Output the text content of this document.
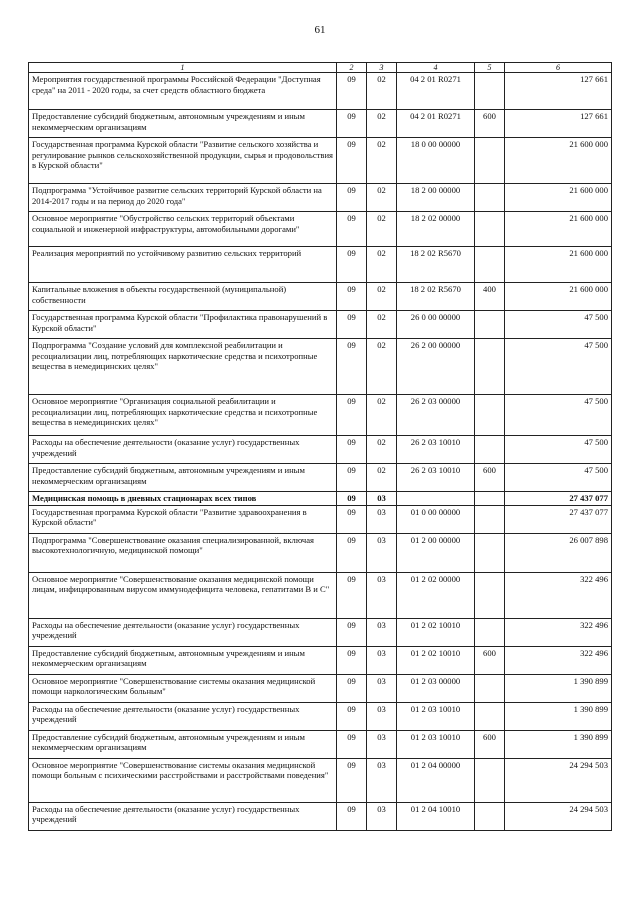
61
1	2	3	4	5	6
Мероприятия государственной программы Российской Федерации "Доступная среда" на 2011 - 2020 годы, за счет средств областного бюджета	09	02	04 2 01 R0271		127 661
Предоставление субсидий бюджетным, автономным учреждениям и иным некоммерческим организациям	09	02	04 2 01 R0271	600	127 661
Государственная программа Курской области "Развитие сельского хозяйства и регулирование рынков сельскохозяйственной продукции, сырья и продовольствия в Курской области"	09	02	18 0 00 00000		21 600 000
Подпрограмма "Устойчивое развитие сельских территорий Курской области на 2014-2017 годы и на период до 2020 года"	09	02	18 2 00 00000		21 600 000
Основное мероприятие "Обустройство сельских территорий объектами социальной и инженерной инфраструктуры, автомобильными дорогами"	09	02	18 2 02 00000		21 600 000
Реализация мероприятий по устойчивому развитию сельских территорий	09	02	18 2 02 R5670		21 600 000
Капитальные вложения в объекты государственной (муниципальной) собственности	09	02	18 2 02 R5670	400	21 600 000
Государственная программа Курской области "Профилактика правонарушений в Курской области"	09	02	26 0 00 00000		47 500
Подпрограмма "Создание условий для комплексной реабилитации и ресоциализации лиц, потребляющих наркотические средства и психотропные вещества в немедицинских целях"	09	02	26 2 00 00000		47 500
Основное мероприятие "Организация социальной реабилитации и ресоциализации лиц, потребляющих наркотические средства и психотропные вещества в немедицинских целях"	09	02	26 2 03 00000		47 500
Расходы на обеспечение деятельности (оказание услуг) государственных учреждений	09	02	26 2 03 10010		47 500
Предоставление субсидий бюджетным, автономным учреждениям и иным некоммерческим организациям	09	02	26 2 03 10010	600	47 500
Медицинская помощь в дневных стационарах всех типов	09	03			27 437 077
Государственная программа Курской области "Развитие здравоохранения в Курской области"	09	03	01 0 00 00000		27 437 077
Подпрограмма "Совершенствование оказания специализированной, включая высокотехнологичную, медицинской помощи"	09	03	01 2 00 00000		26 007 898
Основное мероприятие "Совершенствование оказания медицинской помощи лицам, инфицированным вирусом иммунодефицита человека, гепатитами В и С"	09	03	01 2 02 00000		322 496
Расходы на обеспечение деятельности (оказание услуг) государственных учреждений	09	03	01 2 02 10010		322 496
Предоставление субсидий бюджетным, автономным учреждениям и иным некоммерческим организациям	09	03	01 2 02 10010	600	322 496
Основное мероприятие "Совершенствование системы оказания медицинской помощи наркологическим больным"	09	03	01 2 03 00000		1 390 899
Расходы на обеспечение деятельности (оказание услуг) государственных учреждений	09	03	01 2 03 10010		1 390 899
Предоставление субсидий бюджетным, автономным учреждениям и иным некоммерческим организациям	09	03	01 2 03 10010	600	1 390 899
Основное мероприятие "Совершенствование системы оказания медицинской помощи больным с психическими расстройствами и расстройствами поведения"	09	03	01 2 04 00000		24 294 503
Расходы на обеспечение деятельности (оказание услуг) государственных учреждений	09	03	01 2 04 10010		24 294 503
